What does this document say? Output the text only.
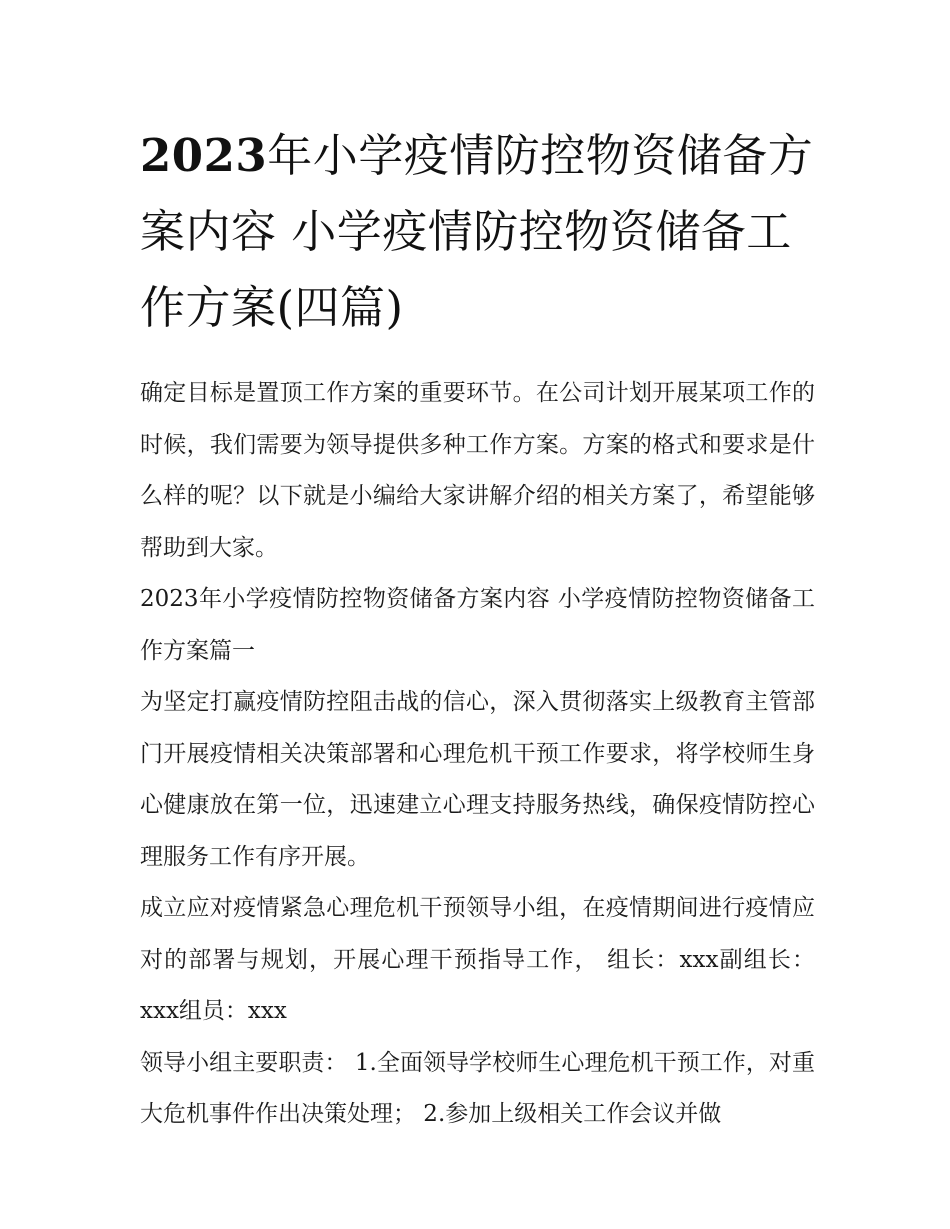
2023年小学疫情防控物资储备方案内容 小学疫情防控物资储备工作方案(四篇)

确定目标是置顶工作方案的重要环节。在公司计划开展某项工作的时候，我们需要为领导提供多种工作方案。方案的格式和要求是什么样的呢？以下就是小编给大家讲解介绍的相关方案了，希望能够帮助到大家。

2023年小学疫情防控物资储备方案内容 小学疫情防控物资储备工作方案篇一

为坚定打赢疫情防控阻击战的信心，深入贯彻落实上级教育主管部门开展疫情相关决策部署和心理危机干预工作要求，将学校师生身心健康放在第一位，迅速建立心理支持服务热线，确保疫情防控心理服务工作有序开展。

成立应对疫情紧急心理危机干预领导小组，在疫情期间进行疫情应对的部署与规划，开展心理干预指导工作， 组长：xxx副组长：xxx组员：xxx

领导小组主要职责： 1.全面领导学校师生心理危机干预工作，对重大危机事件作出决策处理； 2.参加上级相关工作会议并做
